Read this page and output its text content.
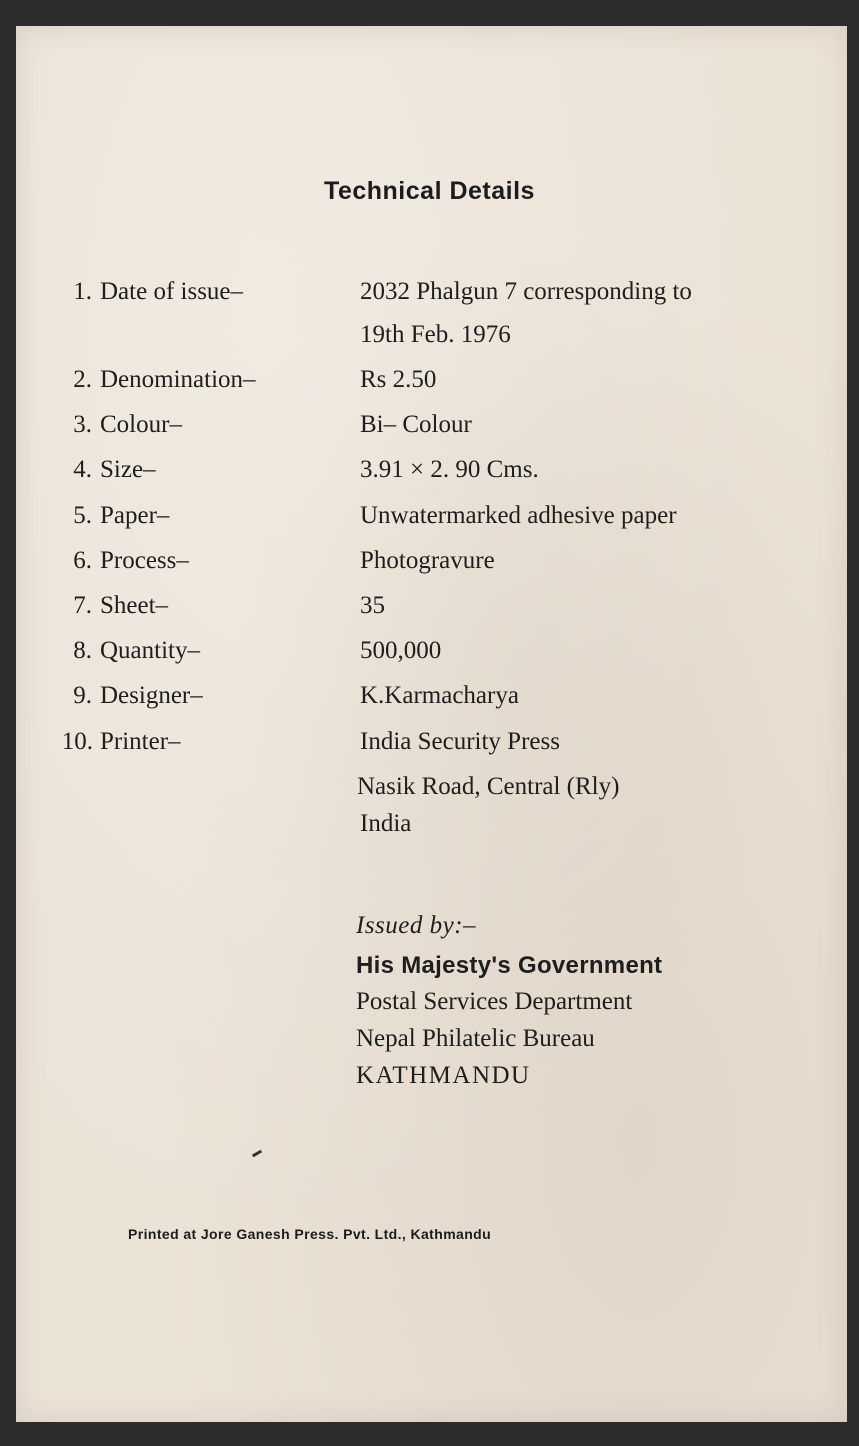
Technical Details
1. Date of issue–	2032 Phalgun 7 corresponding to
19th Feb. 1976
2. Denomination–	Rs 2.50
3. Colour–	Bi– Colour
4. Size–	3.91 × 2. 90 Cms.
5. Paper–	Unwatermarked adhesive paper
6. Process–	Photogravure
7. Sheet–	35
8. Quantity–	500,000
9. Designer–	K.Karmacharya
10. Printer–	India Security Press
Nasik Road, Central (Rly)
India
Issued by:–
His Majesty's Government
Postal Services Department
Nepal Philatelic Bureau
KATHMANDU
Printed at Jore Ganesh Press. Pvt. Ltd., Kathmandu
